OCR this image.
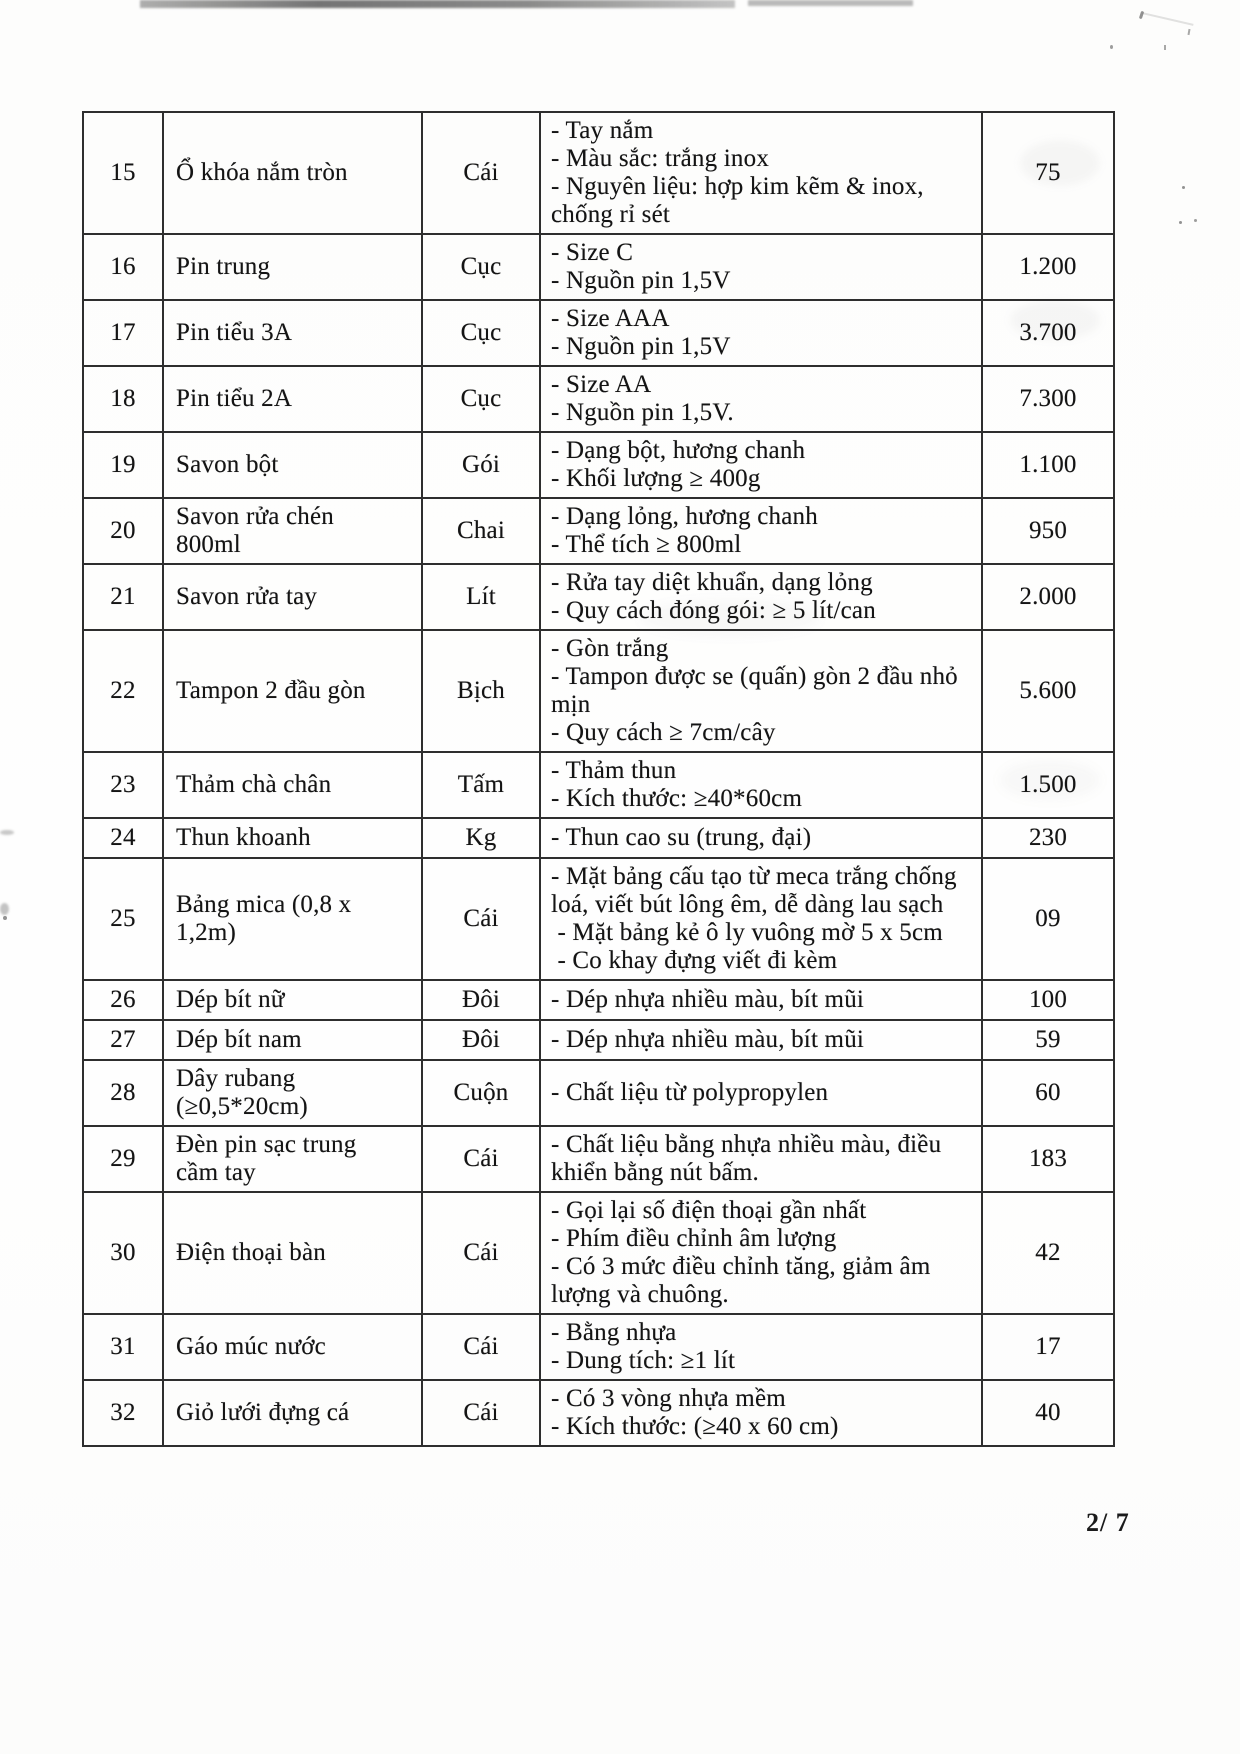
15	Ổ khóa nắm tròn	Cái	- Tay nắm
- Màu sắc: trắng inox
- Nguyên liệu: hợp kim kẽm & inox, chống rỉ sét	75
16	Pin trung	Cục	- Size C
- Nguồn pin 1,5V	1.200
17	Pin tiểu 3A	Cục	- Size AAA
- Nguồn pin 1,5V	3.700
18	Pin tiểu 2A	Cục	- Size AA
- Nguồn pin 1,5V.	7.300
19	Savon bột	Gói	- Dạng bột, hương chanh
- Khối lượng ≥ 400g	1.100
20	Savon rửa chén 800ml	Chai	- Dạng lỏng, hương chanh
- Thể tích ≥ 800ml	950
21	Savon rửa tay	Lít	- Rửa tay diệt khuẩn, dạng lỏng
- Quy cách đóng gói: ≥ 5 lít/can	2.000
22	Tampon 2 đầu gòn	Bịch	- Gòn trắng
- Tampon được se (quấn) gòn 2 đầu nhỏ mịn
- Quy cách ≥ 7cm/cây	5.600
23	Thảm chà chân	Tấm	- Thảm thun
- Kích thước: ≥40*60cm	1.500
24	Thun khoanh	Kg	- Thun cao su (trung, đại)	230
25	Bảng mica (0,8 x 1,2m)	Cái	- Mặt bảng cấu tạo từ meca trắng chống loá, viết bút lông êm, dễ dàng lau sạch
- Mặt bảng kẻ ô ly vuông mờ 5 x 5cm
- Co khay đựng viết đi kèm	09
26	Dép bít nữ	Đôi	- Dép nhựa nhiều màu, bít mũi	100
27	Dép bít nam	Đôi	- Dép nhựa nhiều màu, bít mũi	59
28	Dây rubang (≥0,5*20cm)	Cuộn	- Chất liệu từ polypropylen	60
29	Đèn pin sạc trung cầm tay	Cái	- Chất liệu bằng nhựa nhiều màu, điều khiển bằng nút bấm.	183
30	Điện thoại bàn	Cái	- Gọi lại số điện thoại gần nhất
- Phím điều chỉnh âm lượng
- Có 3 mức điều chỉnh tăng, giảm âm lượng và chuông.	42
31	Gáo múc nước	Cái	- Bằng nhựa
- Dung tích: ≥1 lít	17
32	Giỏ lưới đựng cá	Cái	- Có 3 vòng nhựa mềm
- Kích thước: (≥40 x 60 cm)	40
2/ 7
